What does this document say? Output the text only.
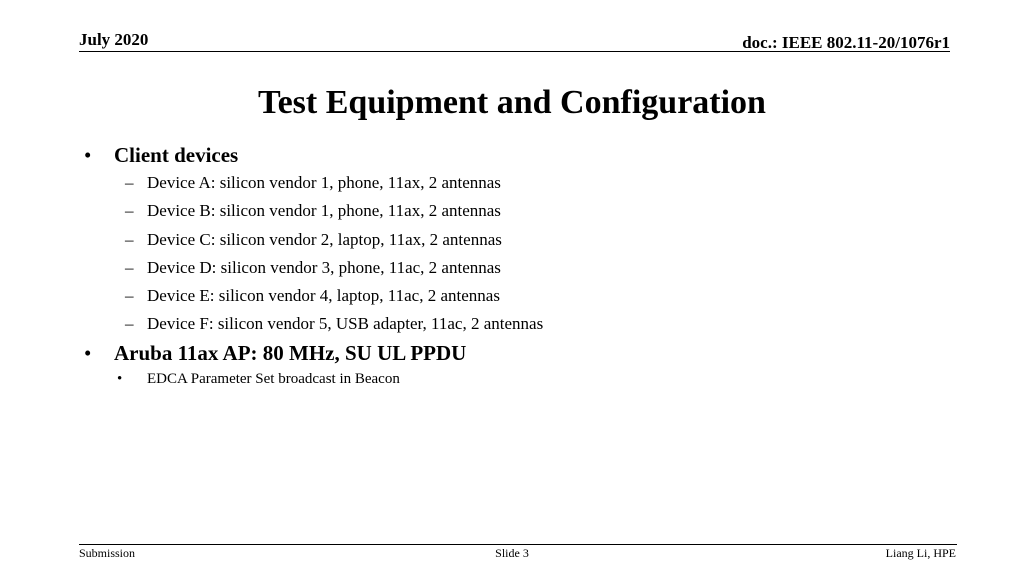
July 2020	doc.: IEEE 802.11-20/1076r1
Test Equipment and Configuration
• Client devices
– Device A: silicon vendor 1, phone, 11ax, 2 antennas
– Device B: silicon vendor 1, phone, 11ax, 2 antennas
– Device C: silicon vendor 2, laptop, 11ax, 2 antennas
– Device D: silicon vendor 3, phone, 11ac, 2 antennas
– Device E: silicon vendor 4, laptop, 11ac, 2 antennas
– Device F: silicon vendor 5, USB adapter, 11ac, 2 antennas
• Aruba 11ax AP: 80 MHz, SU UL PPDU
• EDCA Parameter Set broadcast in Beacon
Submission	Slide 3	Liang Li, HPE
